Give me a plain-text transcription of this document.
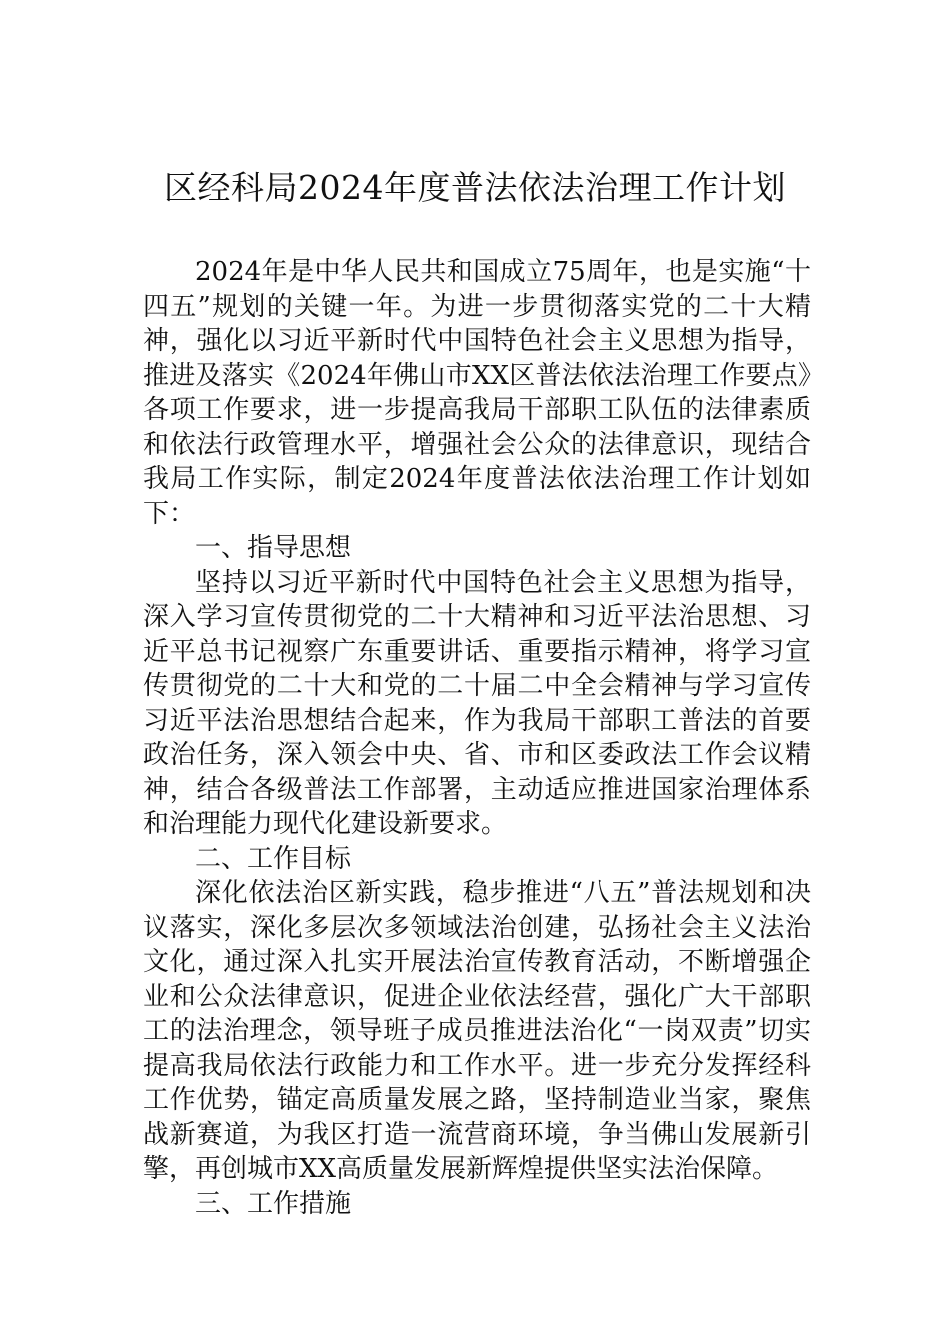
区经科局2024年度普法依法治理工作计划

2024年是中华人民共和国成立75周年，也是实施“十四五”规划的关键一年。为进一步贯彻落实党的二十大精神，强化以习近平新时代中国特色社会主义思想为指导，推进及落实《2024年佛山市XX区普法依法治理工作要点》各项工作要求，进一步提高我局干部职工队伍的法律素质和依法行政管理水平，增强社会公众的法律意识，现结合我局工作实际，制定2024年度普法依法治理工作计划如下：

一、指导思想

坚持以习近平新时代中国特色社会主义思想为指导，深入学习宣传贯彻党的二十大精神和习近平法治思想、习近平总书记视察广东重要讲话、重要指示精神，将学习宣传贯彻党的二十大和党的二十届二中全会精神与学习宣传习近平法治思想结合起来，作为我局干部职工普法的首要政治任务，深入领会中央、省、市和区委政法工作会议精神，结合各级普法工作部署，主动适应推进国家治理体系和治理能力现代化建设新要求。

二、工作目标

深化依法治区新实践，稳步推进“八五”普法规划和决议落实，深化多层次多领域法治创建，弘扬社会主义法治文化，通过深入扎实开展法治宣传教育活动，不断增强企业和公众法律意识，促进企业依法经营，强化广大干部职工的法治理念，领导班子成员推进法治化“一岗双责”切实提高我局依法行政能力和工作水平。进一步充分发挥经科工作优势，锚定高质量发展之路，坚持制造业当家，聚焦战新赛道，为我区打造一流营商环境，争当佛山发展新引擎，再创城市XX高质量发展新辉煌提供坚实法治保障。

三、工作措施
